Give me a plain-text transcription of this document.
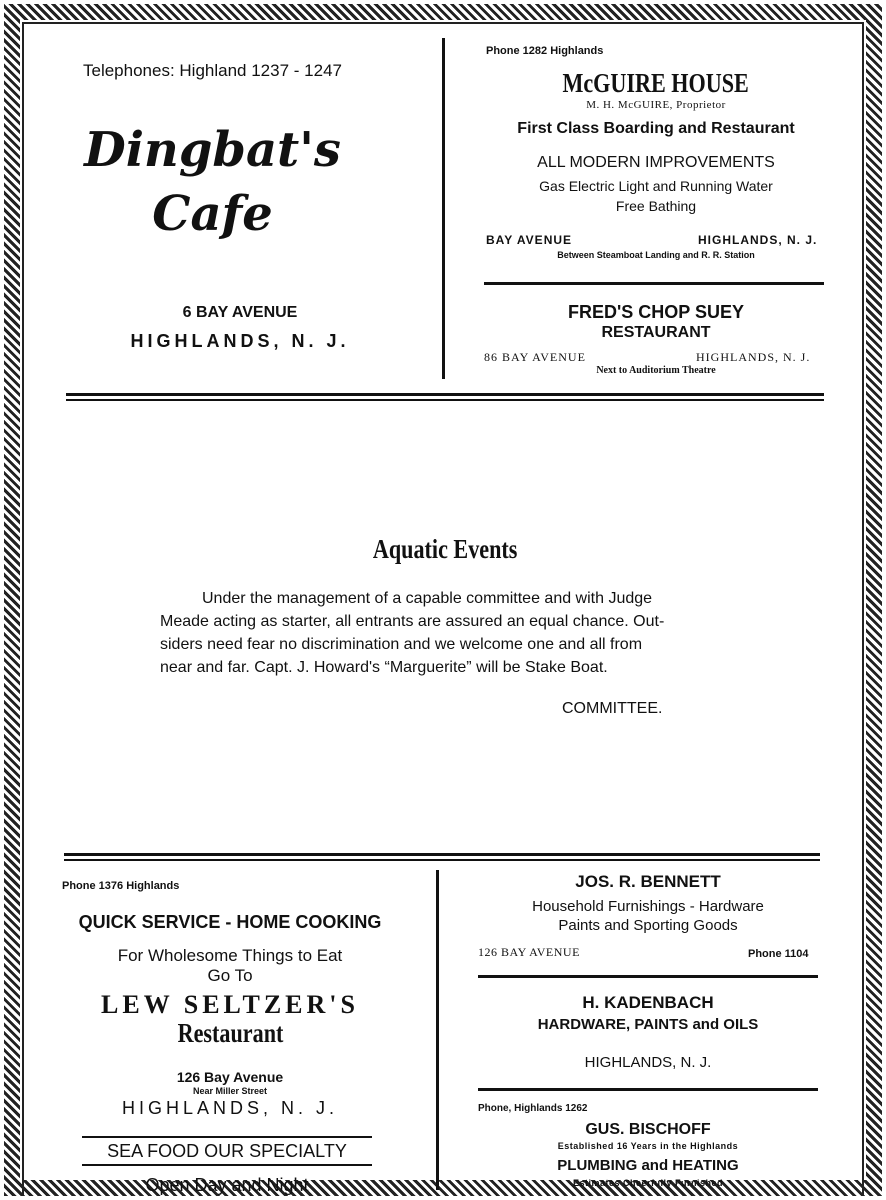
Telephones: Highland 1237 - 1247
Dingbat's
Cafe
6 BAY AVENUE
HIGHLANDS, N. J.
Phone 1282 Highlands
McGUIRE HOUSE
M. H. McGUIRE, Proprietor
First Class Boarding and Restaurant
ALL MODERN IMPROVEMENTS
Gas Electric Light and Running Water
Free Bathing
BAY AVENUE	HIGHLANDS, N. J.
Between Steamboat Landing and R. R. Station
FRED'S CHOP SUEY
RESTAURANT
86 BAY AVENUE	HIGHLANDS, N. J.
Next to Auditorium Theatre
Aquatic Events
Under the management of a capable committee and with Judge
Meade acting as starter, all entrants are assured an equal chance. Out-
siders need fear no discrimination and we welcome one and all from
near and far. Capt. J. Howard's “Marguerite” will be Stake Boat.
COMMITTEE.
Phone 1376 Highlands
QUICK SERVICE - HOME COOKING
For Wholesome Things to Eat
Go To
LEW SELTZER'S
Restaurant
126 Bay Avenue
Near Miller Street
HIGHLANDS, N. J.
SEA FOOD OUR SPECIALTY
Open Day and Night
JOS. R. BENNETT
Household Furnishings - Hardware
Paints and Sporting Goods
126 BAY AVENUE	Phone 1104
H. KADENBACH
HARDWARE, PAINTS and OILS
HIGHLANDS, N. J.
Phone, Highlands 1262
GUS. BISCHOFF
Established 16 Years in the Highlands
PLUMBING and HEATING
Estimates Cheerfully Furnished
